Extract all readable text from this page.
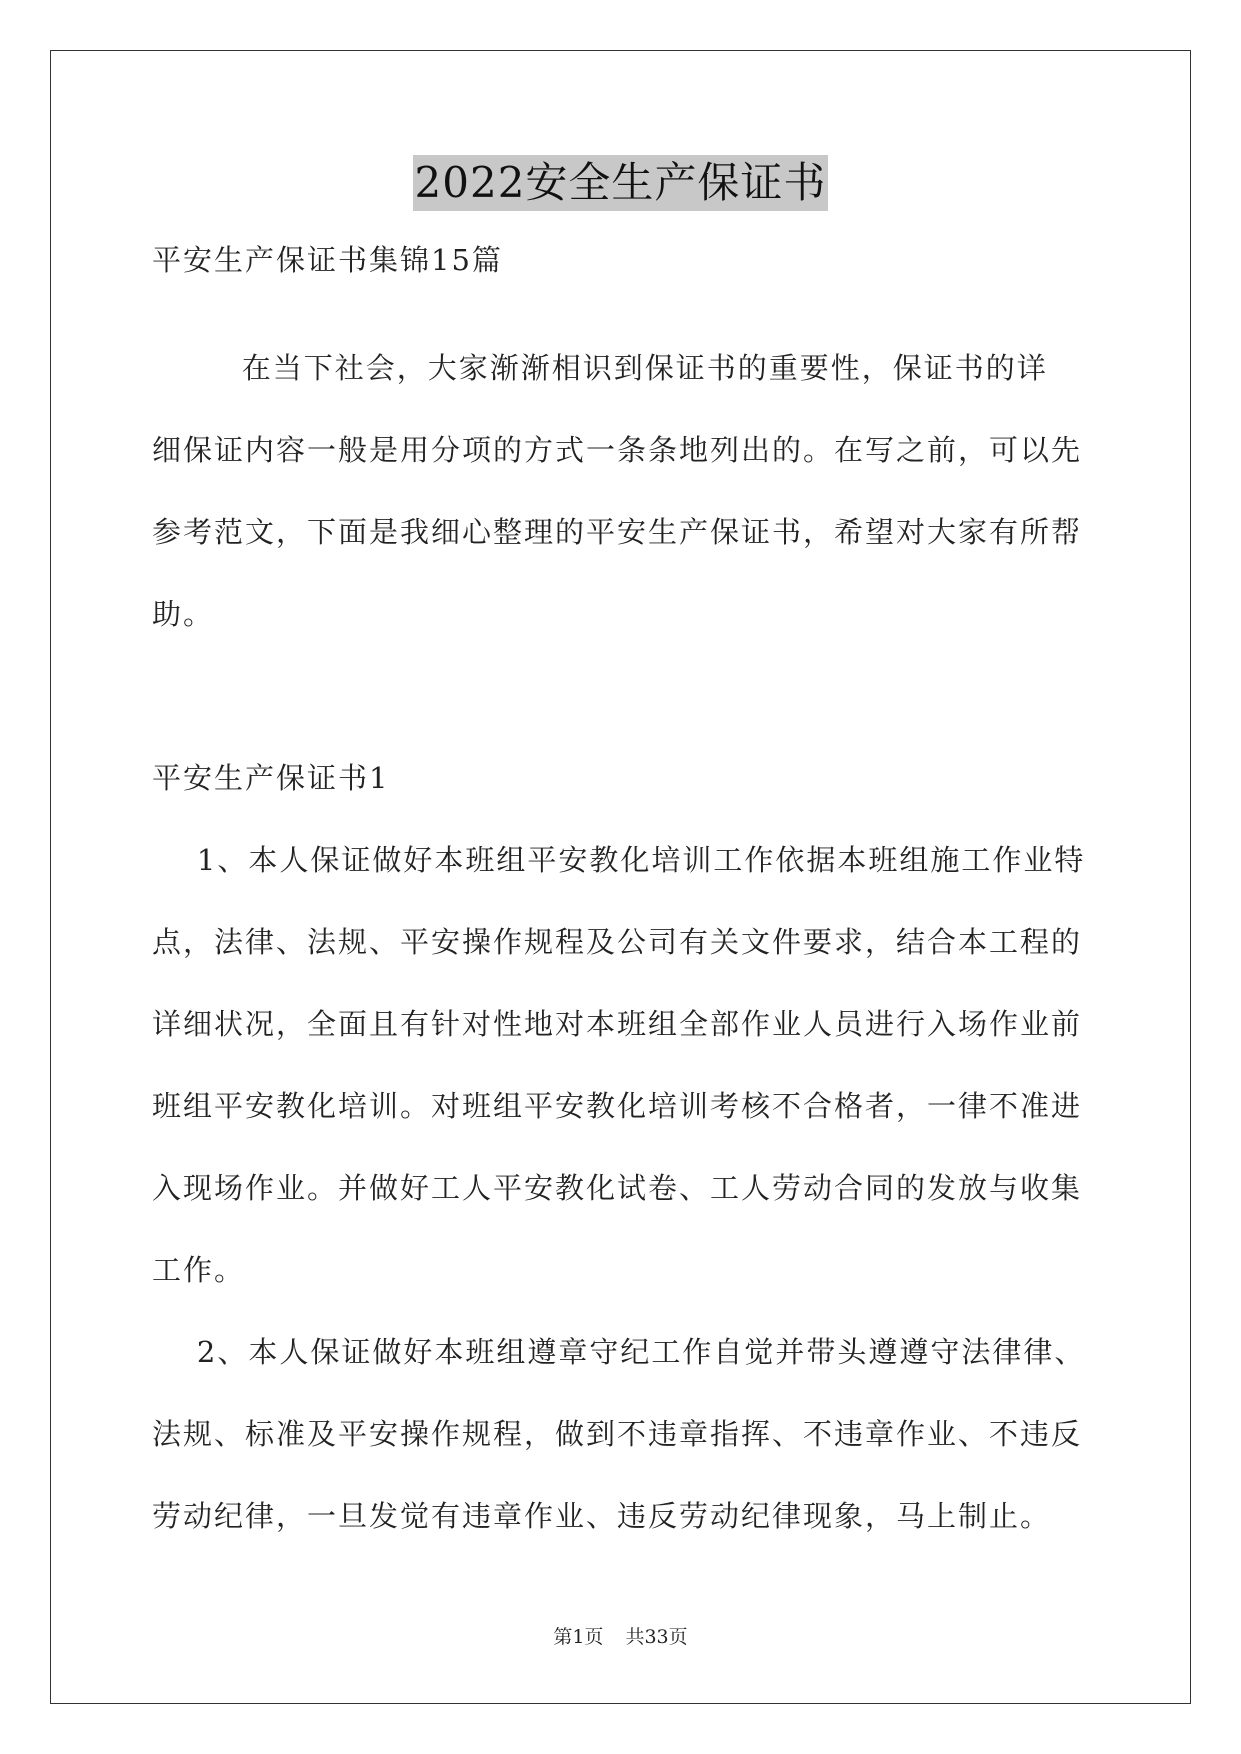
2022安全生产保证书
平安生产保证书集锦15篇
在当下社会，大家渐渐相识到保证书的重要性，保证书的详
细保证内容一般是用分项的方式一条条地列出的。在写之前，可以先
参考范文，下面是我细心整理的平安生产保证书，希望对大家有所帮
助。
平安生产保证书1
1、本人保证做好本班组平安教化培训工作依据本班组施工作业特
点，法律、法规、平安操作规程及公司有关文件要求，结合本工程的
详细状况，全面且有针对性地对本班组全部作业人员进行入场作业前
班组平安教化培训。对班组平安教化培训考核不合格者，一律不准进
入现场作业。并做好工人平安教化试卷、工人劳动合同的发放与收集
工作。
2、本人保证做好本班组遵章守纪工作自觉并带头遵遵守法律律、
法规、标准及平安操作规程，做到不违章指挥、不违章作业、不违反
劳动纪律，一旦发觉有违章作业、违反劳动纪律现象，马上制止。
第1页 共33页
